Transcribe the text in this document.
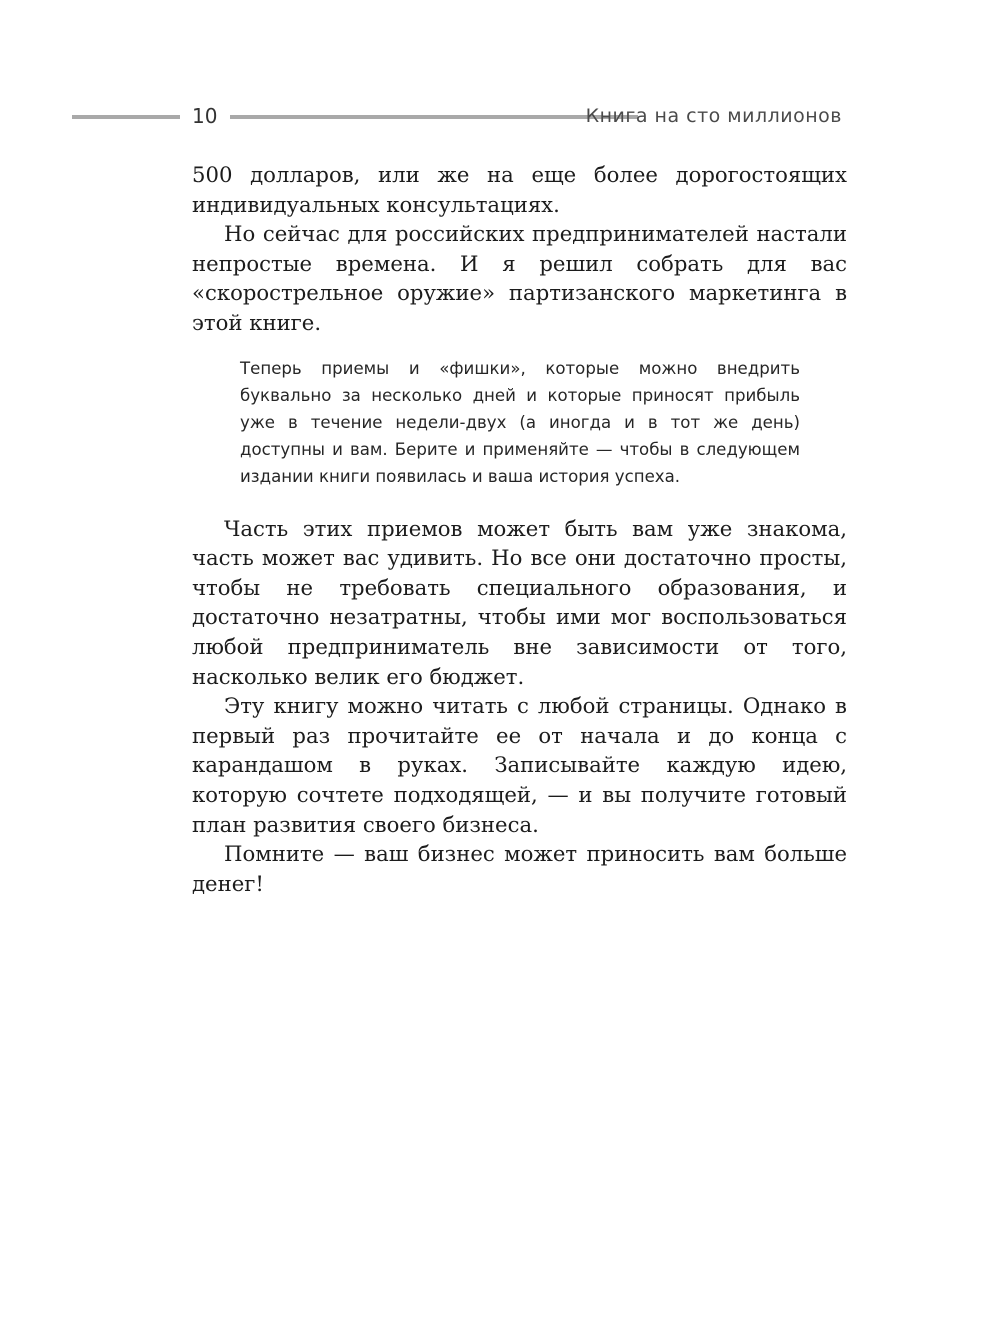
10	Книга на сто миллионов

500 долларов, или же на еще более дорогостоящих индивидуальных консультациях.

Но сейчас для российских предпринимателей настали непростые времена. И я решил собрать для вас «скорострельное оружие» партизанского маркетинга в этой книге.

Теперь приемы и «фишки», которые можно внедрить буквально за несколько дней и которые приносят прибыль уже в течение недели-двух (а иногда и в тот же день) доступны и вам. Берите и применяйте — чтобы в следующем издании книги появилась и ваша история успеха.

Часть этих приемов может быть вам уже знакома, часть может вас удивить. Но все они достаточно просты, чтобы не требовать специального образования, и достаточно незатратны, чтобы ими мог воспользоваться любой предприниматель вне зависимости от того, насколько велик его бюджет.

Эту книгу можно читать с любой страницы. Однако в первый раз прочитайте ее от начала и до конца с карандашом в руках. Записывайте каждую идею, которую сочтете подходящей, — и вы получите готовый план развития своего бизнеса.

Помните — ваш бизнес может приносить вам больше денег!
